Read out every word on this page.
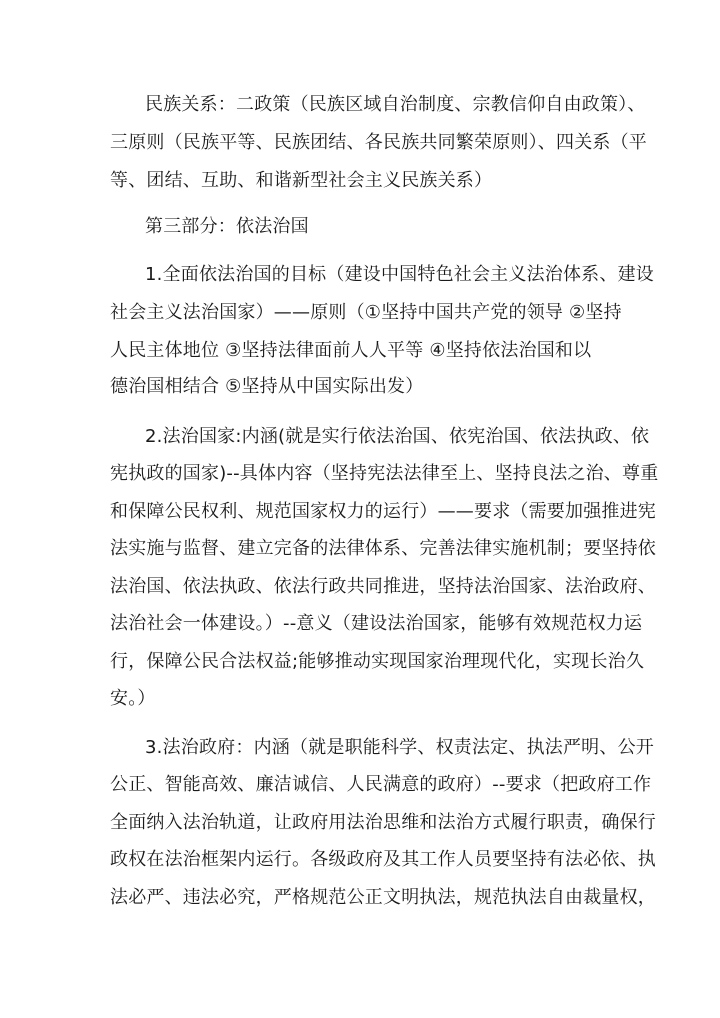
民族关系：二政策（民族区域自治制度、宗教信仰自由政策）、
三原则（民族平等、民族团结、各民族共同繁荣原则）、四关系（平
等、团结、互助、和谐新型社会主义民族关系）
第三部分：依法治国
1.全面依法治国的目标（建设中国特色社会主义法治体系、建设
社会主义法治国家）——原则（①坚持中国共产党的领导 ②坚持
人民主体地位 ③坚持法律面前人人平等 ④坚持依法治国和以
德治国相结合 ⑤坚持从中国实际出发）
2.法治国家:内涵(就是实行依法治国、依宪治国、依法执政、依
宪执政的国家)--具体内容（坚持宪法法律至上、坚持良法之治、尊重
和保障公民权利、规范国家权力的运行）——要求（需要加强推进宪
法实施与监督、建立完备的法律体系、完善法律实施机制；要坚持依
法治国、依法执政、依法行政共同推进，坚持法治国家、法治政府、
法治社会一体建设。）--意义（建设法治国家，能够有效规范权力运
行，保障公民合法权益;能够推动实现国家治理现代化，实现长治久
安。）
3.法治政府：内涵（就是职能科学、权责法定、执法严明、公开
公正、智能高效、廉洁诚信、人民满意的政府）--要求（把政府工作
全面纳入法治轨道，让政府用法治思维和法治方式履行职责，确保行
政权在法治框架内运行。各级政府及其工作人员要坚持有法必依、执
法必严、违法必究，严格规范公正文明执法，规范执法自由裁量权，
